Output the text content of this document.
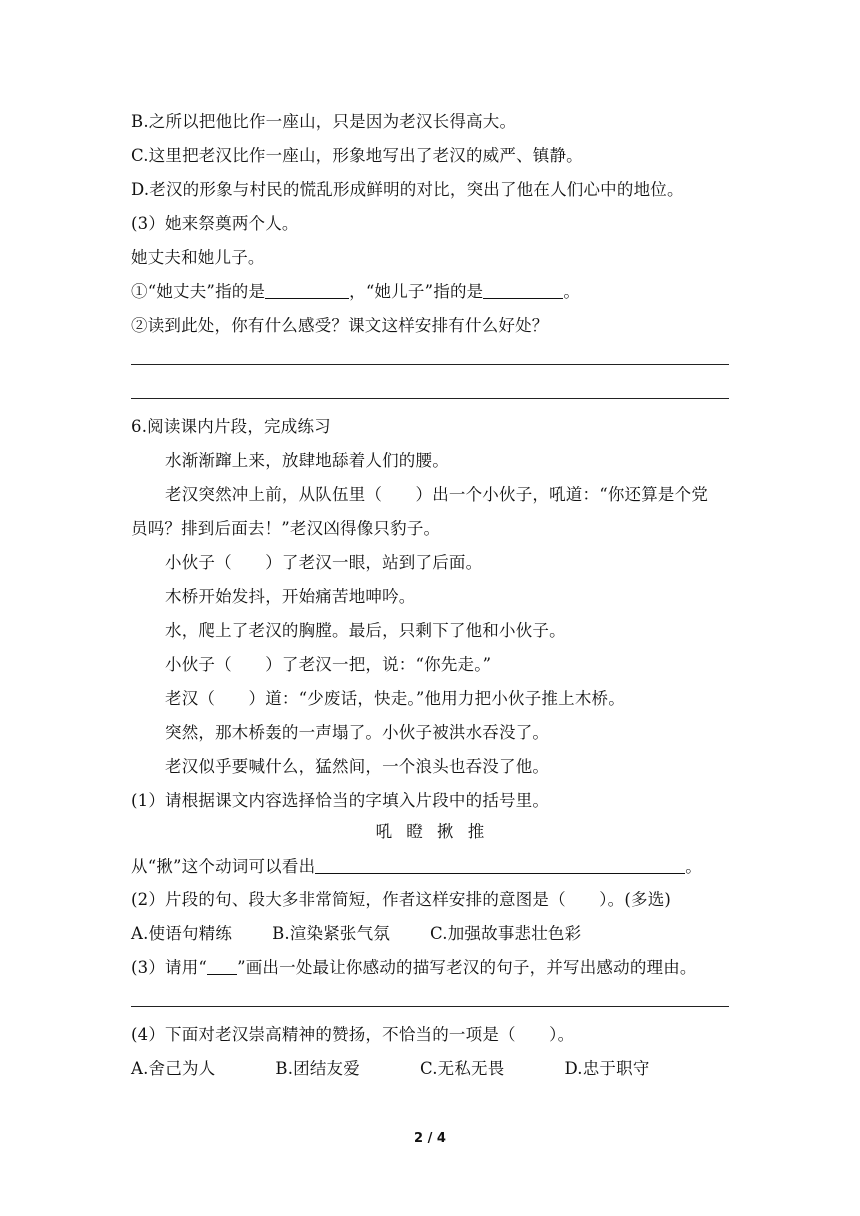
B.之所以把他比作一座山，只是因为老汉长得高大。
C.这里把老汉比作一座山，形象地写出了老汉的威严、镇静。
D.老汉的形象与村民的慌乱形成鲜明的对比，突出了他在人们心中的地位。
(3）她来祭奠两个人。
她丈夫和她儿子。
①“她丈夫”指的是	，“她儿子”指的是	。
②读到此处，你有什么感受？课文这样安排有什么好处？
6.阅读课内片段，完成练习
水渐渐蹿上来，放肆地舔着人们的腰。
老汉突然冲上前，从队伍里（　　）出一个小伙子，吼道：“你还算是个党
员吗？排到后面去！”老汉凶得像只豹子。
小伙子（　　）了老汉一眼，站到了后面。
木桥开始发抖，开始痛苦地呻吟。
水，爬上了老汉的胸膛。最后，只剩下了他和小伙子。
小伙子（　　）了老汉一把，说：“你先走。”
老汉（　　）道：“少废话，快走。”他用力把小伙子推上木桥。
突然，那木桥轰的一声塌了。小伙子被洪水吞没了。
老汉似乎要喊什么，猛然间，一个浪头也吞没了他。
(1）请根据课文内容选择恰当的字填入片段中的括号里。
吼 瞪 揪 推
从“揪”这个动词可以看出	。
(2）片段的句、段大多非常简短，作者这样安排的意图是（　　）。(多选)
A.使语句精练 B.渲染紧张气氛 C.加强故事悲壮色彩
(3）请用“ ”画出一处最让你感动的描写老汉的句子，并写出感动的理由。
(4）下面对老汉崇高精神的赞扬，不恰当的一项是（　　）。
A.舍己为人	B.团结友爱	C.无私无畏	D.忠于职守
2 / 4
